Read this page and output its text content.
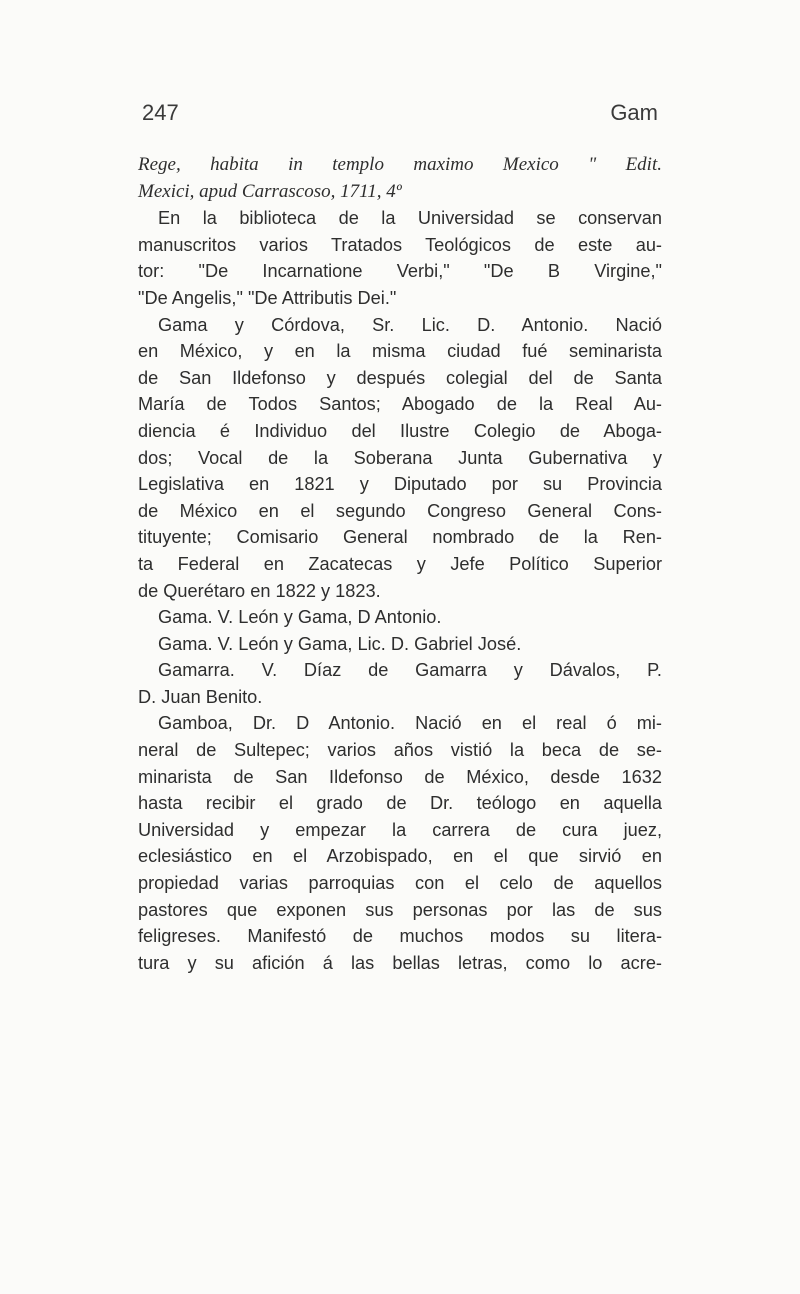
247	Gam
Rege, habita in templo maximo Mexico " Edit.
Mexici, apud Carrascoso, 1711, 4º
En la biblioteca de la Universidad se conservan
manuscritos varios Tratados Teológicos de este au-
tor: "De Incarnatione Verbi," "De B Virgine,"
"De Angelis," "De Attributis Dei."
Gama y Córdova, Sr. Lic. D. Antonio. Nació
en México, y en la misma ciudad fué seminarista
de San Ildefonso y después colegial del de Santa
María de Todos Santos; Abogado de la Real Au-
diencia é Individuo del Ilustre Colegio de Aboga-
dos; Vocal de la Soberana Junta Gubernativa y
Legislativa en 1821 y Diputado por su Provincia
de México en el segundo Congreso General Cons-
tituyente; Comisario General nombrado de la Ren-
ta Federal en Zacatecas y Jefe Político Superior
de Querétaro en 1822 y 1823.
Gama. V. León y Gama, D Antonio.
Gama. V. León y Gama, Lic. D. Gabriel José.
Gamarra. V. Díaz de Gamarra y Dávalos, P.
D. Juan Benito.
Gamboa, Dr. D Antonio. Nació en el real ó mi-
neral de Sultepec; varios años vistió la beca de se-
minarista de San Ildefonso de México, desde 1632
hasta recibir el grado de Dr. teólogo en aquella
Universidad y empezar la carrera de cura juez,
eclesiástico en el Arzobispado, en el que sirvió en
propiedad varias parroquias con el celo de aquellos
pastores que exponen sus personas por las de sus
feligreses. Manifestó de muchos modos su litera-
tura y su afición á las bellas letras, como lo acre-
